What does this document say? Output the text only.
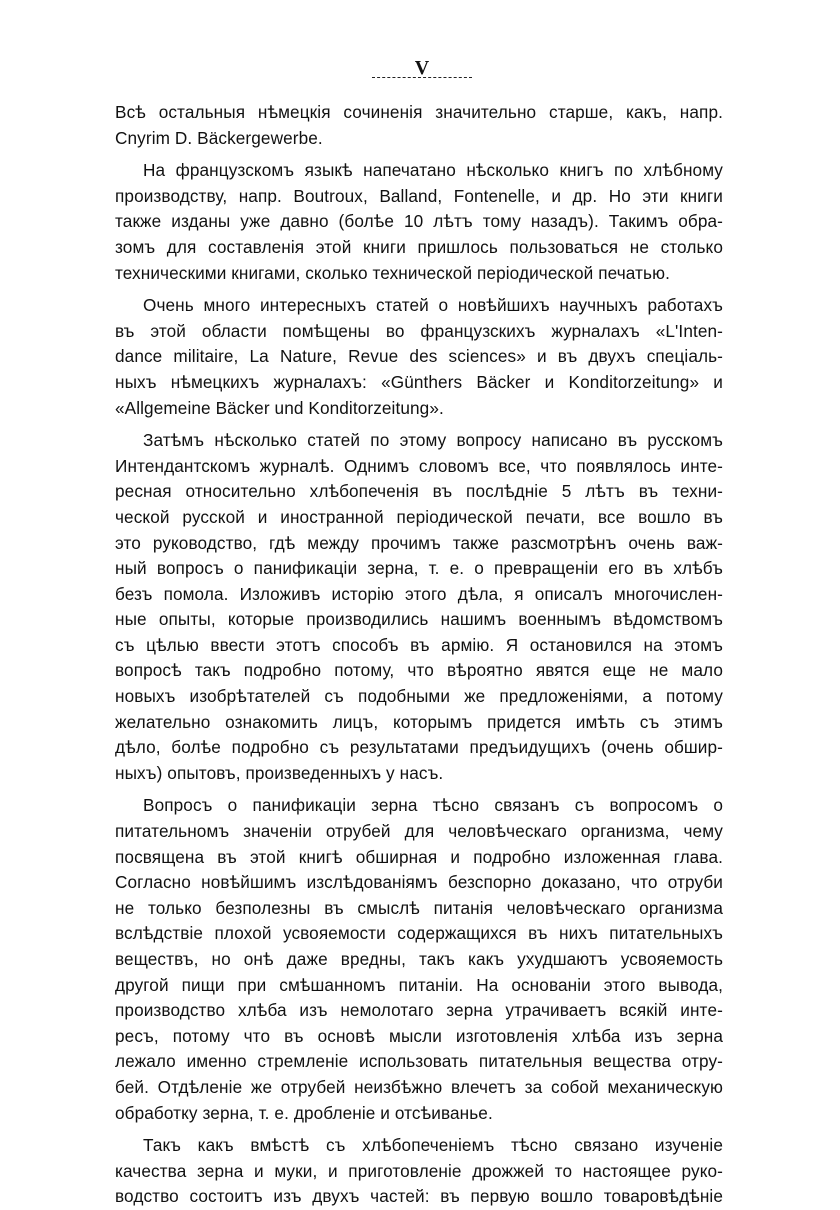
V

Всѣ остальныя нѣмецкія сочиненія значительно старше, какъ, напр.

Cnyrim D. Bäckergewerbe.

На французскомъ языкѣ напечатано нѣсколько книгъ по хлѣбному

производству, напр. Boutroux, Balland, Fontenelle, и др. Но эти книги

также изданы уже давно (болѣе 10 лѣтъ тому назадъ). Такимъ обра-

зомъ для составленія этой книги пришлось пользоваться не столько

техническими книгами, сколько технической періодической печатью.

Очень много интересныхъ статей о новѣйшихъ научныхъ работахъ

въ этой области помѣщены во французскихъ журналахъ «L'Inten-

dance militaire, La Nature, Revue des sciences» и въ двухъ спеціаль-

ныхъ нѣмецкихъ журналахъ: «Günthers Bäcker и Konditorzeitung» и

«Allgemeine Bäcker und Konditorzeitung».

Затѣмъ нѣсколько статей по этому вопросу написано въ русскомъ

Интендантскомъ журналѣ. Однимъ словомъ все, что появлялось инте-

ресная относительно хлѣбопеченія въ послѣдніе 5 лѣтъ въ техни-

ческой русской и иностранной періодической печати, все вошло въ

это руководство, гдѣ между прочимъ также разсмотрѣнъ очень важ-

ный вопросъ о панификаціи зерна, т. е. о превращеніи его въ хлѣбъ

безъ помола. Изложивъ исторію этого дѣла, я описалъ многочислен-

ные опыты, которые производились нашимъ военнымъ вѣдомствомъ

съ цѣлью ввести этотъ способъ въ армію. Я остановился на этомъ

вопросѣ такъ подробно потому, что вѣроятно явятся еще не мало

новыхъ изобрѣтателей съ подобными же предложеніями, а потому

желательно ознакомить лицъ, которымъ придется имѣть съ этимъ

дѣло, болѣе подробно съ результатами предъидущихъ (очень обшир-

ныхъ) опытовъ, произведенныхъ у насъ.

Вопросъ о панификаціи зерна тѣсно связанъ съ вопросомъ о

питательномъ значеніи отрубей для человѣческаго организма, чему

посвящена въ этой книгѣ обширная и подробно изложенная глава.

Согласно новѣйшимъ изслѣдованіямъ безспорно доказано, что отруби

не только безполезны въ смыслѣ питанія человѣческаго организма

вслѣдствіе плохой усвояемости содержащихся въ нихъ питательныхъ

веществъ, но онѣ даже вредны, такъ какъ ухудшаютъ усвояемость

другой пищи при смѣшанномъ питаніи. На основаніи этого вывода,

производство хлѣба изъ немолотаго зерна утрачиваетъ всякій интe-

ресъ, потому что въ основѣ мысли изготовленія хлѣба изъ зерна

лежало именно стремленіе использовать питательныя вещества отру-

бей. Отдѣленіе же отрубей неизбѣжно влечетъ за собой механическую

обработку зерна, т. е. дробленіе и отсѣиванье.

Такъ какъ вмѣстѣ съ хлѣбопеченіемъ тѣсно связано изученіе

качества зерна и муки, и приготовленіе дрожжей то настоящее руко-

водство состоитъ изъ двухъ частей: въ первую вошло товаровѣдѣніе
